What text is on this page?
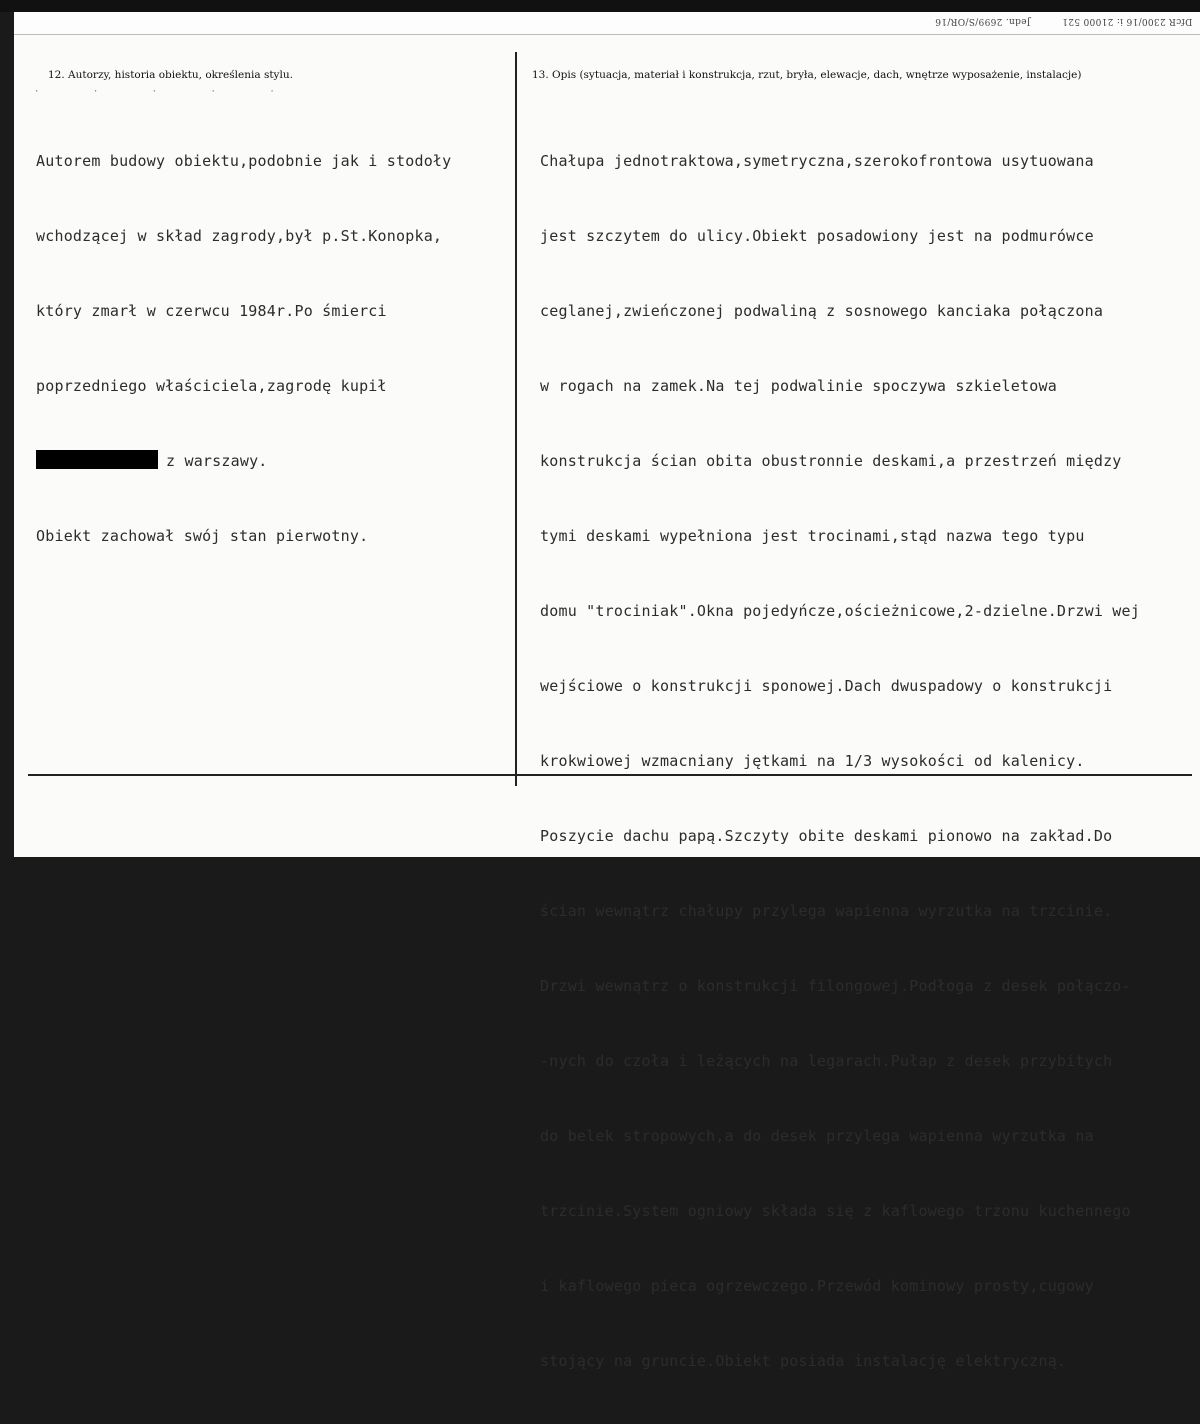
DfcR 2300/16 i: 21000 521          Jedn. 2699/S/OR/16
12. Autorzy, historia obiektu, określenia stylu.	13. Opis (sytuacja, materiał i konstrukcja, rzut, bryła, elewacje, dach, wnętrze wyposażenie, instalacje)
· · · · ·

Autorem budowy obiektu,podobnie jak i stodoły

wchodzącej w skład zagrody,był p.St.Konopka,

który zmarł w czerwcu 1984r.Po śmierci

poprzedniego właściciela,zagrodę kupił

z warszawy.

Obiekt zachował swój stan pierwotny.

Chałupa jednotraktowa,symetryczna,szerokofrontowa usytuowana

jest szczytem do ulicy.Obiekt posadowiony jest na podmurówce

ceglanej,zwieńczonej podwaliną z sosnowego kanciaka połączona

w rogach na zamek.Na tej podwalinie spoczywa szkieletowa

konstrukcja ścian obita obustronnie deskami,a przestrzeń między

tymi deskami wypełniona jest trocinami,stąd nazwa tego typu

domu "trociniak".Okna pojedyńcze,ościeżnicowe,2-dzielne.Drzwi wej

wejściowe o konstrukcji sponowej.Dach dwuspadowy o konstrukcji

krokwiowej wzmacniany jętkami na 1/3 wysokości od kalenicy.

Poszycie dachu papą.Szczyty obite deskami pionowo na zakład.Do

ścian wewnątrz chałupy przylega wapienna wyrzutka na trzcinie.

Drzwi wewnątrz o konstrukcji filongowej.Podłoga z desek połączo-

-nych do czoła i leżących na legarach.Pułap z desek przybitych

do belek stropowych,a do desek przylega wapienna wyrzutka na

trzcinie.System ogniowy składa się z kaflowego trzonu kuchennego

i kaflowego pieca ogrzewczego.Przewód kominowy prosty,cugowy

stojący na gruncie.Obiekt posiada instalację elektryczną.
